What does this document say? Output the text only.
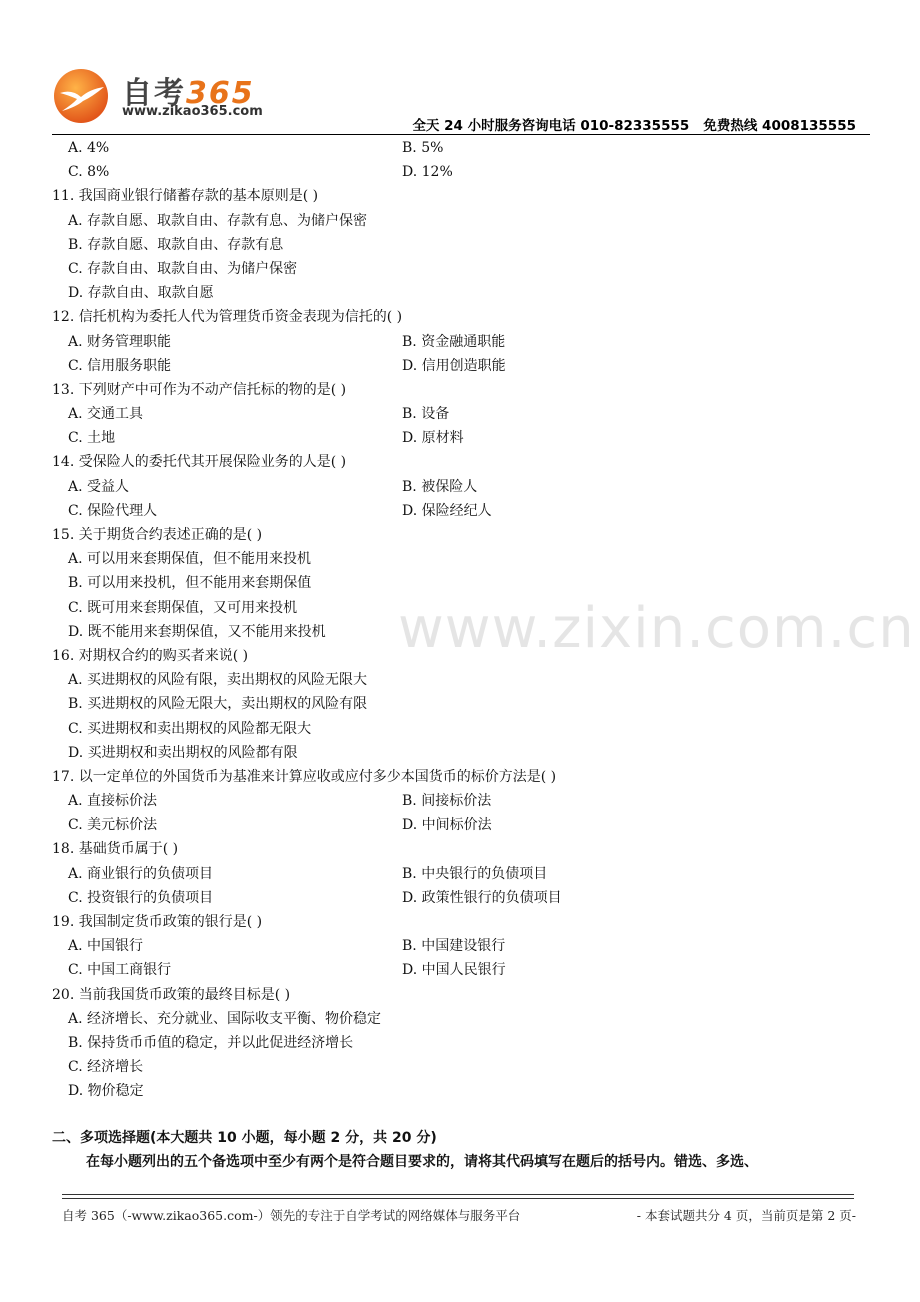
自考365
www.zikao365.com
全天 24 小时服务咨询电话 010-82335555   免费热线 4008135555
A. 4%	B. 5%
C. 8%	D. 12%
11. 我国商业银行储蓄存款的基本原则是( )
A. 存款自愿、取款自由、存款有息、为储户保密
B. 存款自愿、取款自由、存款有息
C. 存款自由、取款自由、为储户保密
D. 存款自由、取款自愿
12. 信托机构为委托人代为管理货币资金表现为信托的( )
A. 财务管理职能	B. 资金融通职能
C. 信用服务职能	D. 信用创造职能
13. 下列财产中可作为不动产信托标的物的是( )
A. 交通工具	B. 设备
C. 土地	D. 原材料
14. 受保险人的委托代其开展保险业务的人是( )
A. 受益人	B. 被保险人
C. 保险代理人	D. 保险经纪人
15. 关于期货合约表述正确的是( )
A. 可以用来套期保值，但不能用来投机
B. 可以用来投机，但不能用来套期保值
C. 既可用来套期保值，又可用来投机
D. 既不能用来套期保值，又不能用来投机
16. 对期权合约的购买者来说( )
A. 买进期权的风险有限，卖出期权的风险无限大
B. 买进期权的风险无限大，卖出期权的风险有限
C. 买进期权和卖出期权的风险都无限大
D. 买进期权和卖出期权的风险都有限
17. 以一定单位的外国货币为基准来计算应收或应付多少本国货币的标价方法是( )
A. 直接标价法	B. 间接标价法
C. 美元标价法	D. 中间标价法
18. 基础货币属于( )
A. 商业银行的负债项目	B. 中央银行的负债项目
C. 投资银行的负债项目	D. 政策性银行的负债项目
19. 我国制定货币政策的银行是( )
A. 中国银行	B. 中国建设银行
C. 中国工商银行	D. 中国人民银行
20. 当前我国货币政策的最终目标是( )
A. 经济增长、充分就业、国际收支平衡、物价稳定
B. 保持货币币值的稳定，并以此促进经济增长
C. 经济增长
D. 物价稳定
www.zixin.com.cn
二、多项选择题(本大题共 10 小题，每小题 2 分，共 20 分)
在每小题列出的五个备选项中至少有两个是符合题目要求的，请将其代码填写在题后的括号内。错选、多选、
自考 365（-www.zikao365.com-）领先的专注于自学考试的网络媒体与服务平台	- 本套试题共分 4 页，当前页是第 2 页-
